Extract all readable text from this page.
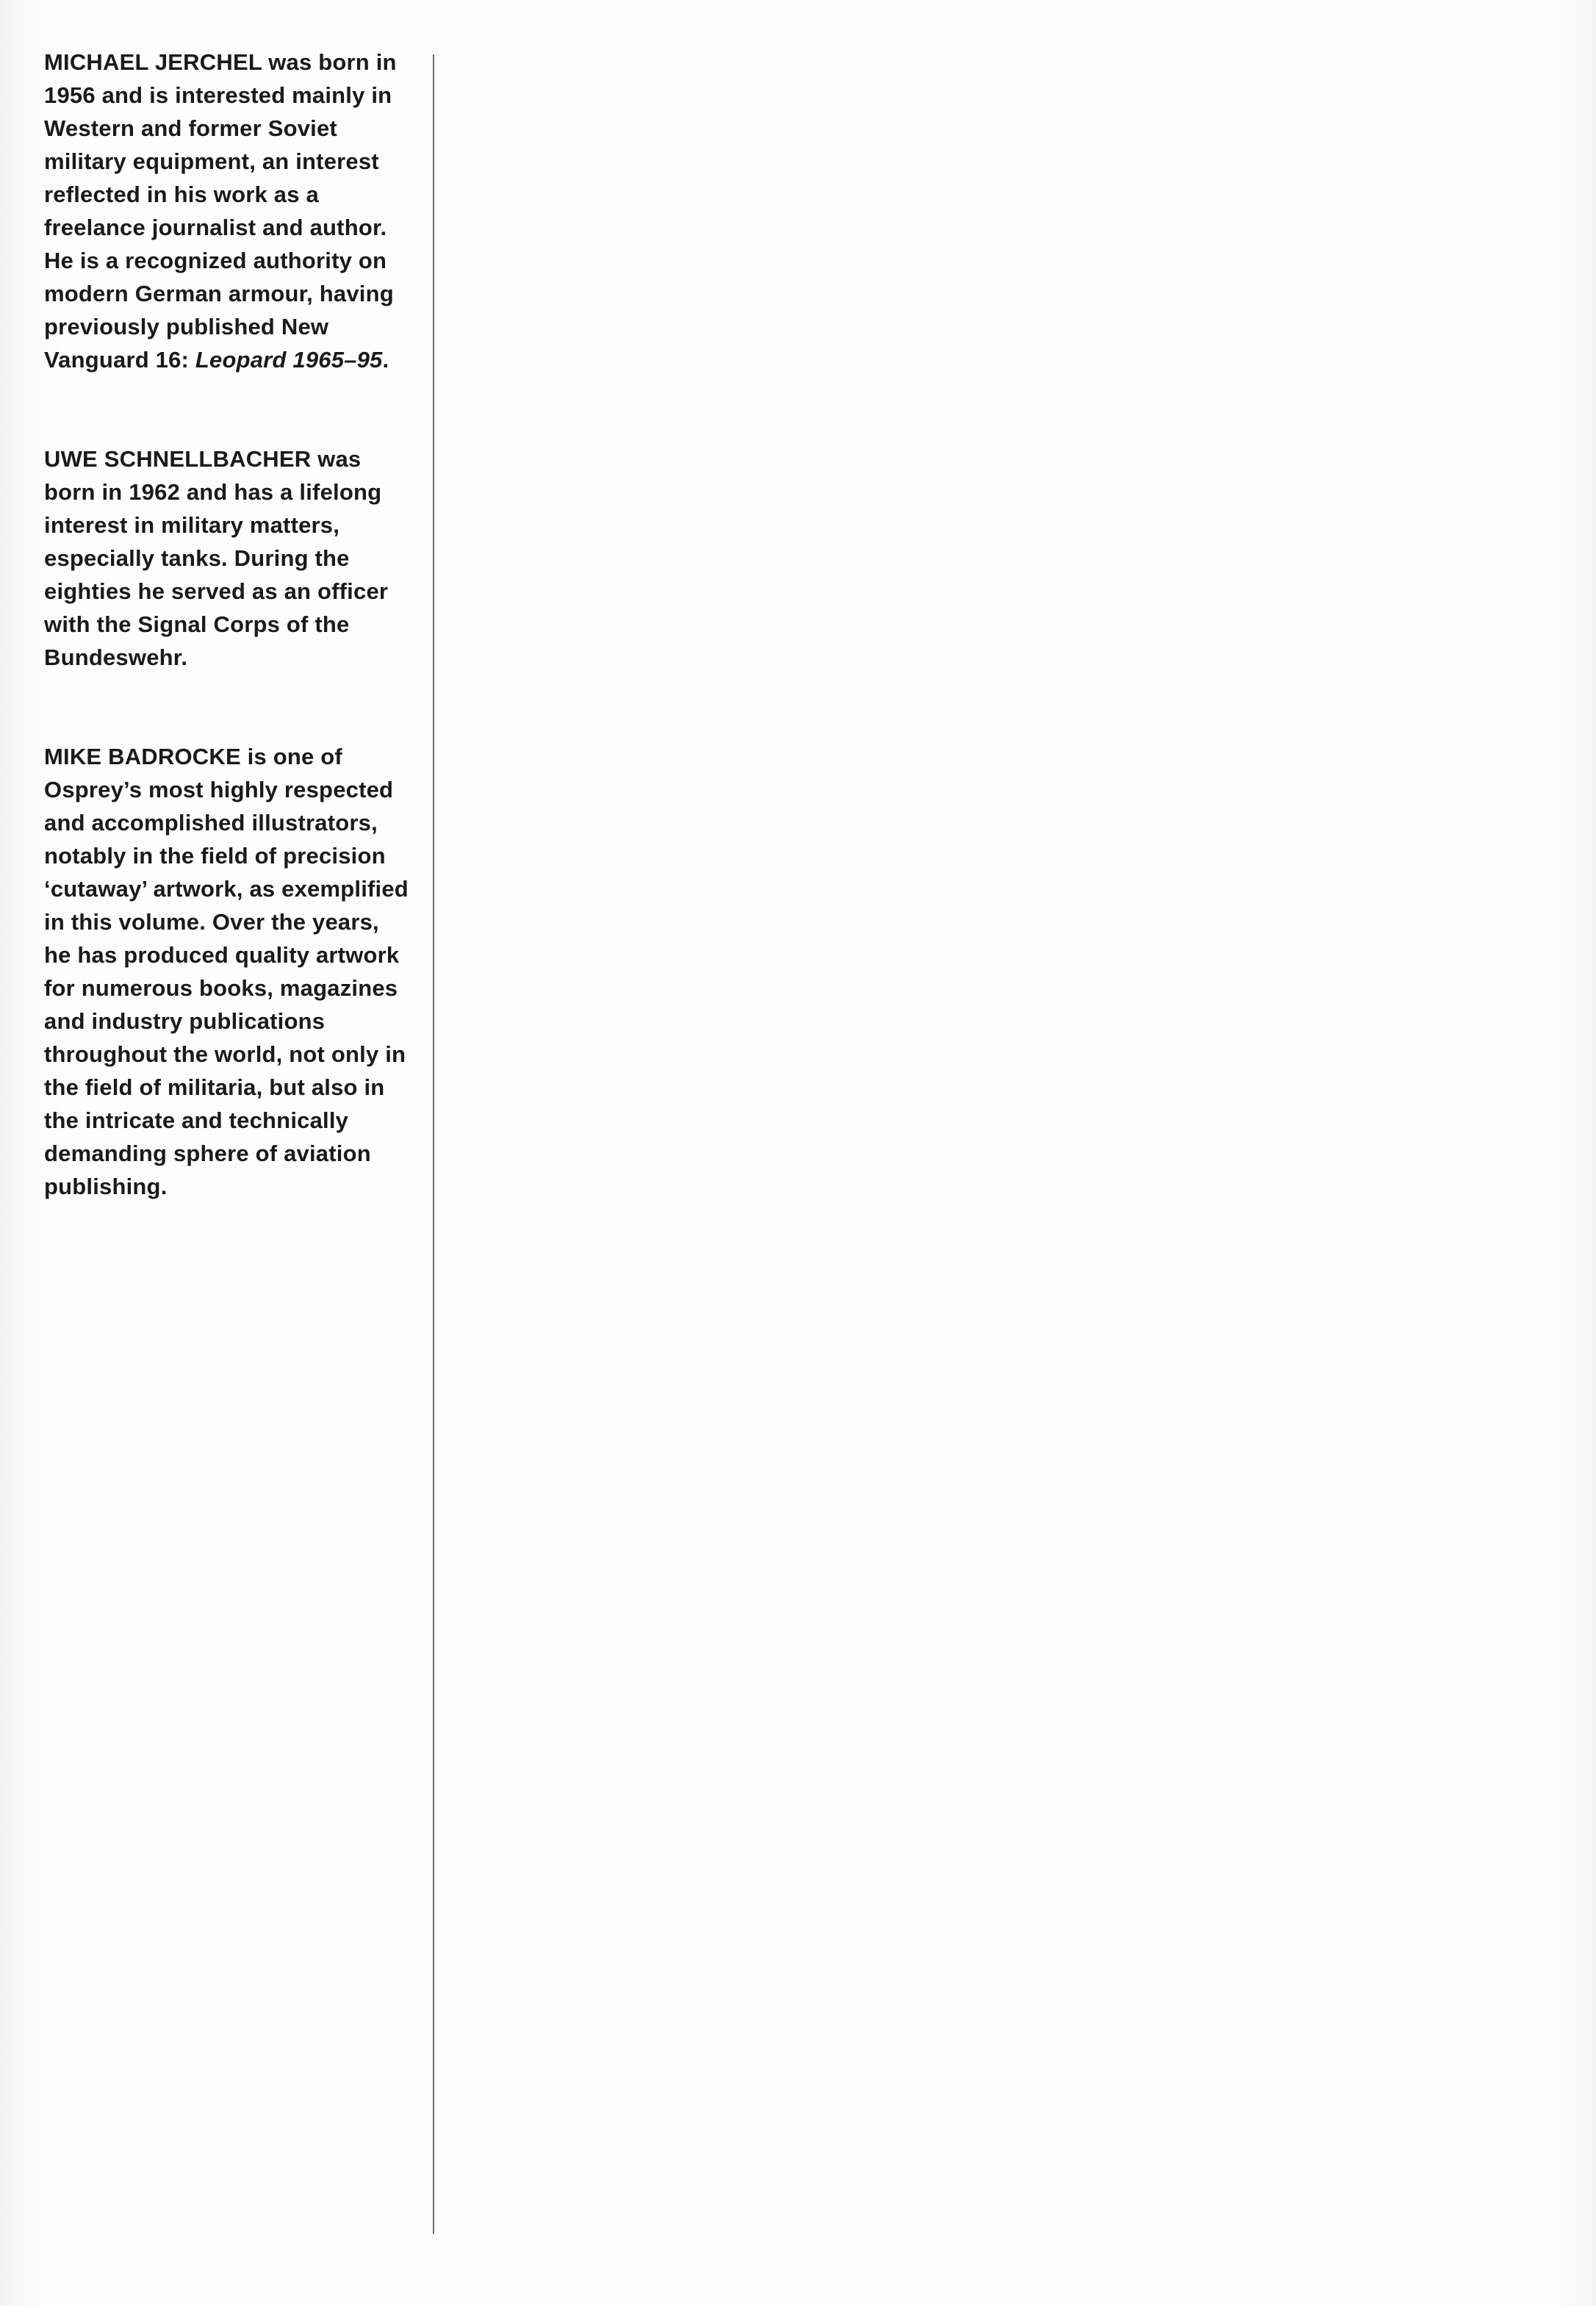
MICHAEL JERCHEL was born in 1956 and is interested mainly in Western and former Soviet military equipment, an interest reflected in his work as a freelance journalist and author. He is a recognized authority on modern German armour, having previously published New Vanguard 16: Leopard 1965–95.

UWE SCHNELLBACHER was born in 1962 and has a lifelong interest in military matters, especially tanks. During the eighties he served as an officer with the Signal Corps of the Bundeswehr.

MIKE BADROCKE is one of Osprey’s most highly respected and accomplished illustrators, notably in the field of precision ‘cutaway’ artwork, as exemplified in this volume. Over the years, he has produced quality artwork for numerous books, magazines and industry publications throughout the world, not only in the field of militaria, but also in the intricate and technically demanding sphere of aviation publishing.
